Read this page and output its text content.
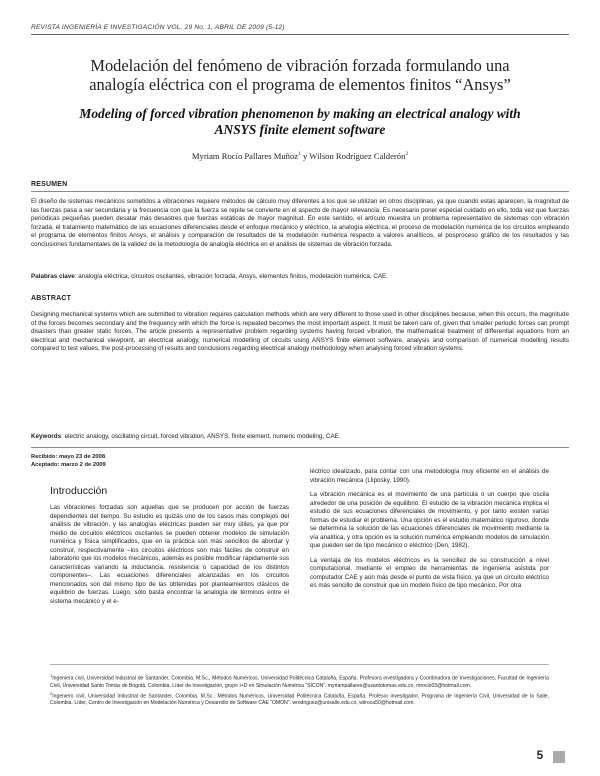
REVISTA INGENIERÍA E INVESTIGACIÓN VOL. 29 No. 1, ABRIL DE 2009 (5-12)
Modelación del fenómeno de vibración forzada formulando una
analogía eléctrica con el programa de elementos finitos “Ansys”
Modeling of forced vibration phenomenon by making an electrical analogy with
ANSYS finite element software
Myriam Rocío Pallares Muñoz$^1$ y Wilson Rodríguez Calderón$^2$
RESUMEN
El diseño de sistemas mecánicos sometidos a vibraciones requiere métodos de cálculo muy diferentes a los que se utilizan en otros disciplinas, ya que cuando estas aparecen, la magnitud de las fuerzas pasa a ser secundaria y la frecuencia con que la fuerza se repite se convierte en el aspecto de mayor relevancia. Es necesario poner especial cuidado en ello, toda vez que fuerzas periódicas pequeñas pueden desatar más desastres que fuerzas estáticas de mayor magnitud. En este sentido, el artículo muestra un problema representativo de sistemas con vibración forzada, el tratamiento matemático de las ecuaciones diferenciales desde el enfoque mecánico y eléctrico, la analogía eléctrica, el proceso de modelación numérica de los circuitos empleando el programa de elementos finitos Ansys, el análisis y comparación de resultados de la modelación numérica respecto a valores analíticos, el posproceso gráfico de los resultados y las conclusiones fundamentales de la validez de la metodología de analogía eléctrica en el análisis de sistemas de vibración forzada.
Palabras clave: analogía eléctrica, circuitos oscilantes, vibración forzada, Ansys, elementos finitos, modelación numérica, CAE.
ABSTRACT
Designing mechanical systems which are submitted to vibration requires calculation methods which are very different to those used in other disciplines because, when this occurs, the magnitude of the forces becomes secondary and the frequency with which the force is repeated becomes the most important aspect. It must be taken care of, given that smaller periodic forces can prompt disasters than greater static forces. The article presents a representative problem regarding systems having forced vibration, the mathematical treatment of differential equations from an electrical and mechanical viewpoint, an electrical analogy, numerical modelling of circuits using ANSYS finite element software, analysis and comparison of numerical modelling results compared to test values, the post-processing of results and conclusions regarding electrical analogy methodology when analysing forced vibration systems.
Keywords: electric analogy, oscillating circuit, forced vibration, ANSYS, finite element, numeric modeling, CAE.
Recibido: mayo 23 de 2008
Aceptado: marzo 2 de 2009
Introducción
Las vibraciones forzadas son aquellas que se producen por acción de fuerzas dependientes del tiempo. Su estudio es quizás uno de los casos más complejos del análisis de vibración, y las analogías eléctricas pueden ser muy útiles, ya que por medio de circuitos eléctricos oscilantes se pueden obtener modelos de simulación numérica y física simplificados, que en la práctica son más sencillos de abordar y construir, respectivamente –los circuitos eléctricos son más fáciles de construir en laboratorio que los modelos mecánicos, además es posible modificar rápidamente sus características variando la inductancia, resistencia o capacidad de los distintos componentes–. Las ecuaciones diferenciales alcanzadas en los circuitos mencionados son del mismo tipo de las obtenidas por planteamientos clásicos de equilibrio de fuerzas. Luego, sólo basta encontrar la analogía de términos entre el sistema mecánico y el e-
léctrico idealizado, para contar con una metodología muy eficiente en el análisis de vibración mecánica (Lliposky, 1990).
La vibración mecánica es el movimiento de una partícula o un cuerpo que oscila alrededor de una posición de equilibrio. El estudio de la vibración mecánica implica el estudio de sus ecuaciones diferenciales de movimiento, y por tanto existen varias formas de estudiar el problema. Una opción es el estudio matemático riguroso, donde se determina la solución de las ecuaciones diferenciales de movimiento mediante la vía analítica, y otra opción es la solución numérica empleando modelos de simulación que pueden ser de tipo mecánico o eléctrico (Den, 1982).
La ventaja de los modelos eléctricos es la sencillez de su construcción a nivel computacional, mediante el empleo de herramientas de ingeniería asistida por computador CAE y aún más desde el punto de vista físico, ya que un circuito eléctrico es más sencillo de construir que un modelo físico de tipo mecánico. Por otra
$^1$Ingeniera civil, Universidad Industrial de Santander, Colombia. M.Sc., Métodos Numéricos, Universidad Politécnica Cataluña, España. Profesora investigadora y Coordinadora de Investigaciones, Facultad de Ingeniería Civil, Universidad Santo Tomás de Bogotá, Colombia. Líder de Investigación, grupo I+D en Simulación Numérica “SICON”. myriampallares@usantotomas.edu.co, mrocio03@hotmail.com.
$^2$Ingeniero civil, Universidad Industrial de Santander, Colombia. M.Sc., Métodos Numéricos, Universidad Politécnica Cataluña, España. Profesor investigador, Programa de Ingeniería Civil, Universidad de la Salle, Colombia. Líder, Centro de Investigación en Modelación Numérica y Desarrollo de Software CAE “OMON”. wrodriguez@unisalle.edu.co, wilroca50@hotmail.com.
5
